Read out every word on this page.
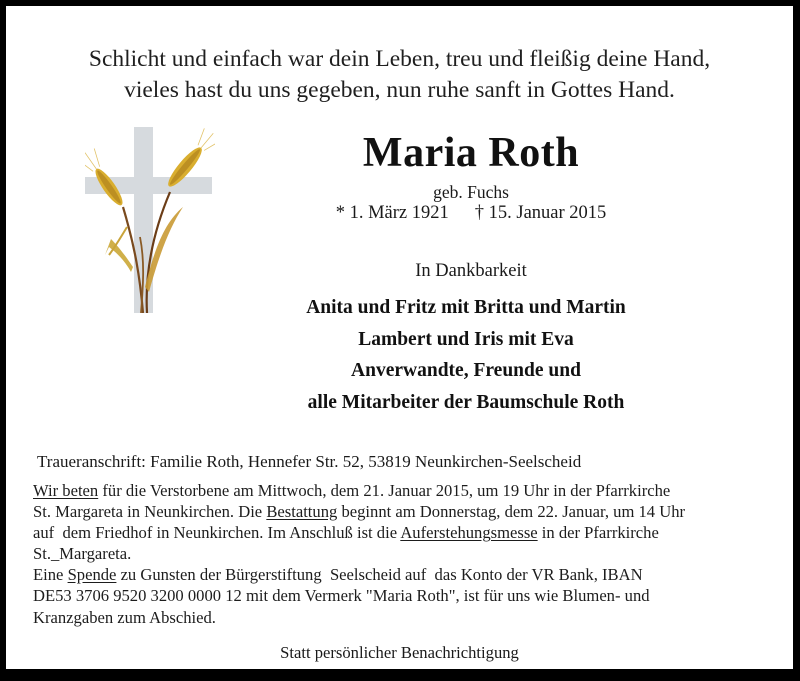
Schlicht und einfach war dein Leben, treu und fleißig deine Hand,
vieles hast du uns gegeben, nun ruhe sanft in Gottes Hand.
Maria Roth
geb. Fuchs
* 1. März 1921 † 15. Januar 2015
In Dankbarkeit
Anita und Fritz mit Britta und Martin
Lambert und Iris mit Eva
Anverwandte, Freunde und
alle Mitarbeiter der Baumschule Roth
Traueranschrift: Familie Roth, Hennefer Str. 52, 53819 Neunkirchen-Seelscheid
Wir beten für die Verstorbene am Mittwoch, dem 21. Januar 2015, um 19 Uhr in der Pfarrkirche
St. Margareta in Neunkirchen. Die Bestattung beginnt am Donnerstag, dem 22. Januar, um 14 Uhr
auf  dem Friedhof in Neunkirchen. Im Anschluß ist die Auferstehungsmesse in der Pfarrkirche
St._Margareta.
Eine Spende zu Gunsten der Bürgerstiftung  Seelscheid auf  das Konto der VR Bank, IBAN
DE53 3706 9520 3200 0000 12 mit dem Vermerk "Maria Roth", ist für uns wie Blumen- und
Kranzgaben zum Abschied.
Statt persönlicher Benachrichtigung
